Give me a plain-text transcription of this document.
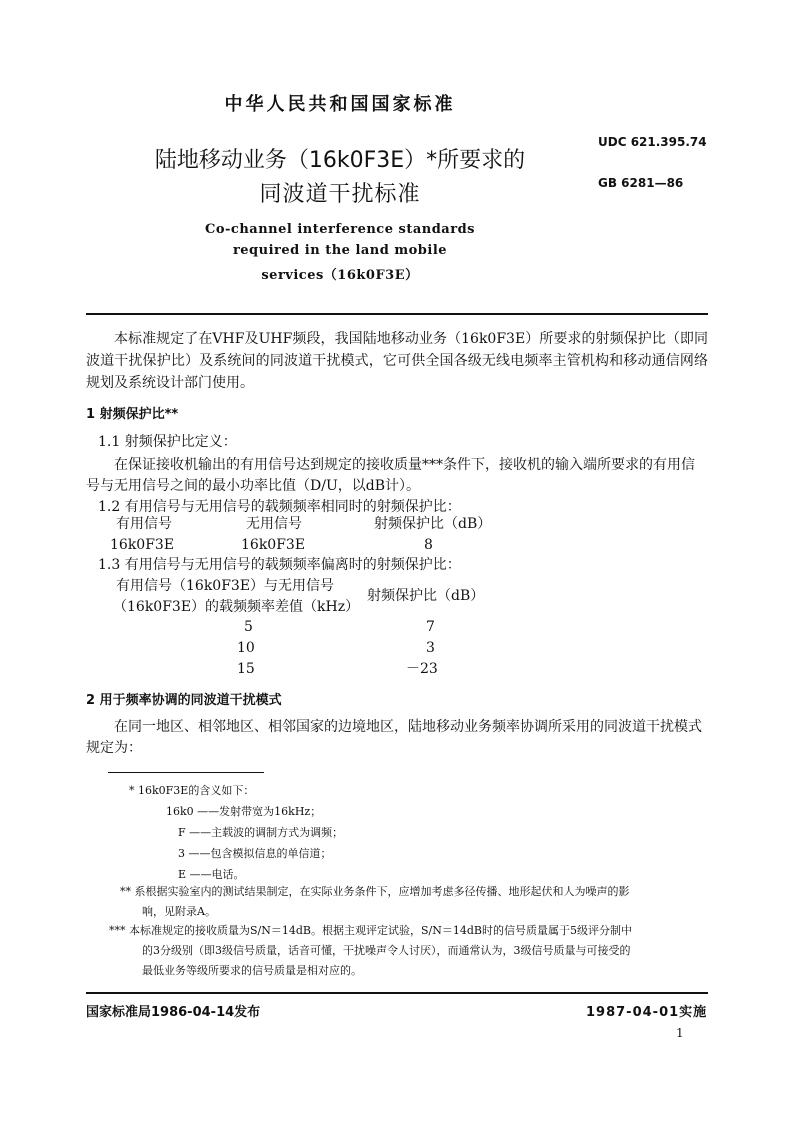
中华人民共和国国家标准
陆地移动业务（16k0F3E）*所要求的
同波道干扰标准
UDC 621.395.74
GB 6281—86
Co-channel interference standards
required in the land mobile
services（16k0F3E）
本标准规定了在VHF及UHF频段，我国陆地移动业务（16k0F3E）所要求的射频保护比（即同波道干扰保护比）及系统间的同波道干扰模式，它可供全国各级无线电频率主管机构和移动通信网络规划及系统设计部门使用。
1 射频保护比**
1.1 射频保护比定义：
在保证接收机输出的有用信号达到规定的接收质量***条件下，接收机的输入端所要求的有用信
号与无用信号之间的最小功率比值（D/U，以dB计）。
1.2 有用信号与无用信号的载频频率相同时的射频保护比：
有用信号	无用信号	射频保护比（dB）
16k0F3E	16k0F3E	8
1.3 有用信号与无用信号的载频频率偏离时的射频保护比：
有用信号（16k0F3E）与无用信号
（16k0F3E）的载频频率差值（kHz）
射频保护比（dB）
5	7
10	3
15	－23
2 用于频率协调的同波道干扰模式
在同一地区、相邻地区、相邻国家的边境地区，陆地移动业务频率协调所采用的同波道干扰模式
规定为：
* 16k0F3E的含义如下：
16k0 ——发射带宽为16kHz；
F ——主载波的调制方式为调频；
3 ——包含模拟信息的单信道；
E ——电话。
** 系根据实验室内的测试结果制定，在实际业务条件下，应增加考虑多径传播、地形起伏和人为噪声的影
响，见附录A。
*** 本标准规定的接收质量为S/N＝14dB。根据主观评定试验，S/N＝14dB时的信号质量属于5级评分制中
的3分级别（即3级信号质量，话音可懂，干扰噪声令人讨厌），而通常认为，3级信号质量与可接受的
最低业务等级所要求的信号质量是相对应的。
国家标准局1986-04-14发布	1987-04-01实施
1
